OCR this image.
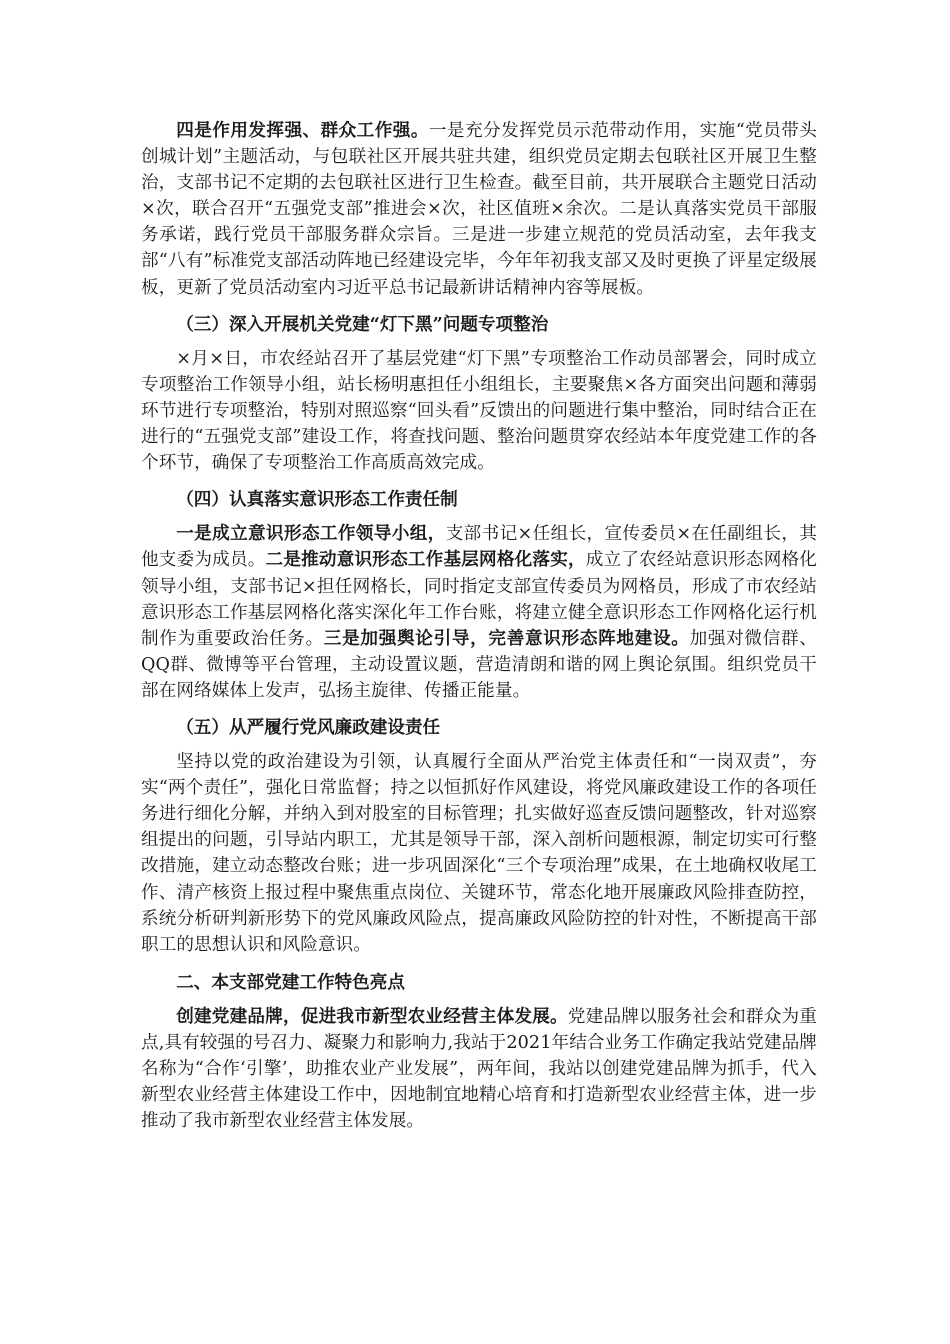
四是作用发挥强、群众工作强。一是充分发挥党员示范带动作用，实施“党员带头创城计划”主题活动，与包联社区开展共驻共建，组织党员定期去包联社区开展卫生整治，支部书记不定期的去包联社区进行卫生检查。截至目前，共开展联合主题党日活动×次，联合召开“五强党支部”推进会×次，社区值班×余次。二是认真落实党员干部服务承诺，践行党员干部服务群众宗旨。三是进一步建立规范的党员活动室，去年我支部“八有”标准党支部活动阵地已经建设完毕，今年年初我支部又及时更换了评星定级展板，更新了党员活动室内习近平总书记最新讲话精神内容等展板。

（三）深入开展机关党建“灯下黑”问题专项整治

×月×日，市农经站召开了基层党建“灯下黑”专项整治工作动员部署会，同时成立专项整治工作领导小组，站长杨明惠担任小组组长，主要聚焦×各方面突出问题和薄弱环节进行专项整治，特别对照巡察“回头看”反馈出的问题进行集中整治，同时结合正在进行的“五强党支部”建设工作，将查找问题、整治问题贯穿农经站本年度党建工作的各个环节，确保了专项整治工作高质高效完成。

（四）认真落实意识形态工作责任制

一是成立意识形态工作领导小组，支部书记×任组长，宣传委员×在任副组长，其他支委为成员。二是推动意识形态工作基层网格化落实，成立了农经站意识形态网格化领导小组，支部书记×担任网格长，同时指定支部宣传委员为网格员，形成了市农经站意识形态工作基层网格化落实深化年工作台账，将建立健全意识形态工作网格化运行机制作为重要政治任务。三是加强舆论引导，完善意识形态阵地建设。加强对微信群、QQ群、微博等平台管理，主动设置议题，营造清朗和谐的网上舆论氛围。组织党员干部在网络媒体上发声，弘扬主旋律、传播正能量。

（五）从严履行党风廉政建设责任

坚持以党的政治建设为引领，认真履行全面从严治党主体责任和“一岗双责”，夯实“两个责任”，强化日常监督；持之以恒抓好作风建设，将党风廉政建设工作的各项任务进行细化分解，并纳入到对股室的目标管理；扎实做好巡查反馈问题整改，针对巡察组提出的问题，引导站内职工，尤其是领导干部，深入剖析问题根源，制定切实可行整改措施，建立动态整改台账；进一步巩固深化“三个专项治理”成果，在土地确权收尾工作、清产核资上报过程中聚焦重点岗位、关键环节，常态化地开展廉政风险排查防控，系统分析研判新形势下的党风廉政风险点，提高廉政风险防控的针对性，不断提高干部职工的思想认识和风险意识。

二、本支部党建工作特色亮点

创建党建品牌，促进我市新型农业经营主体发展。党建品牌以服务社会和群众为重点,具有较强的号召力、凝聚力和影响力,我站于2021年结合业务工作确定我站党建品牌名称为“合作‘引擎’，助推农业产业发展”，两年间，我站以创建党建品牌为抓手，代入新型农业经营主体建设工作中，因地制宜地精心培育和打造新型农业经营主体，进一步推动了我市新型农业经营主体发展。
